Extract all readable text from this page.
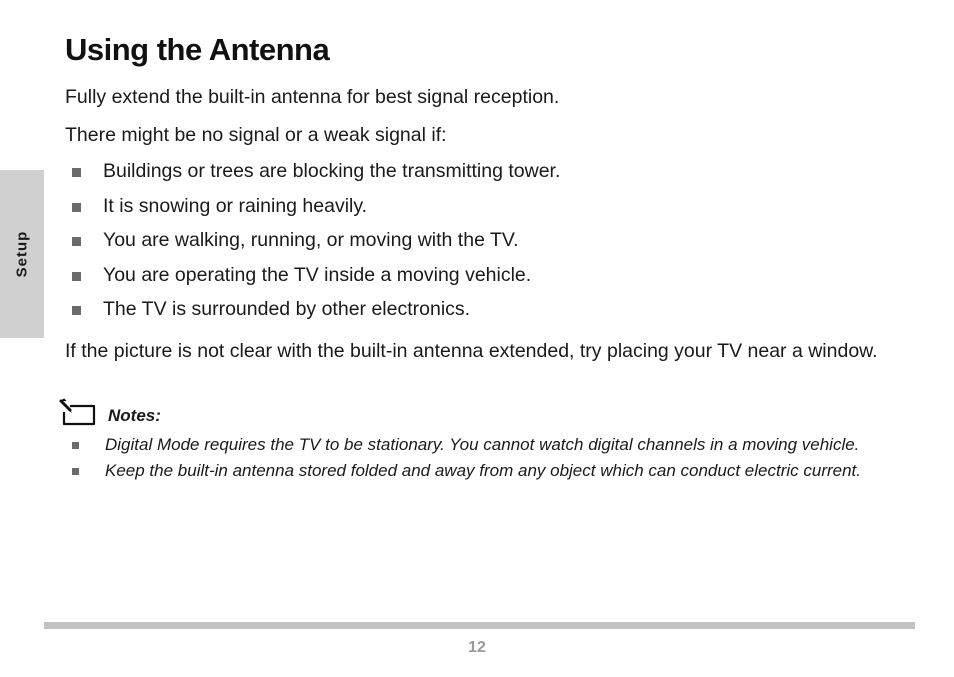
Setup
Using the Antenna

Fully extend the built-in antenna for best signal reception.

There might be no signal or a weak signal if:

Buildings or trees are blocking the transmitting tower.
It is snowing or raining heavily.
You are walking, running, or moving with the TV.
You are operating the TV inside a moving vehicle.
The TV is surrounded by other electronics.

If the picture is not clear with the built-in antenna extended, try placing your TV near a window.

Notes:
Digital Mode requires the TV to be stationary. You cannot watch digital channels in a moving vehicle.
Keep the built-in antenna stored folded and away from any object which can conduct electric current.
12
